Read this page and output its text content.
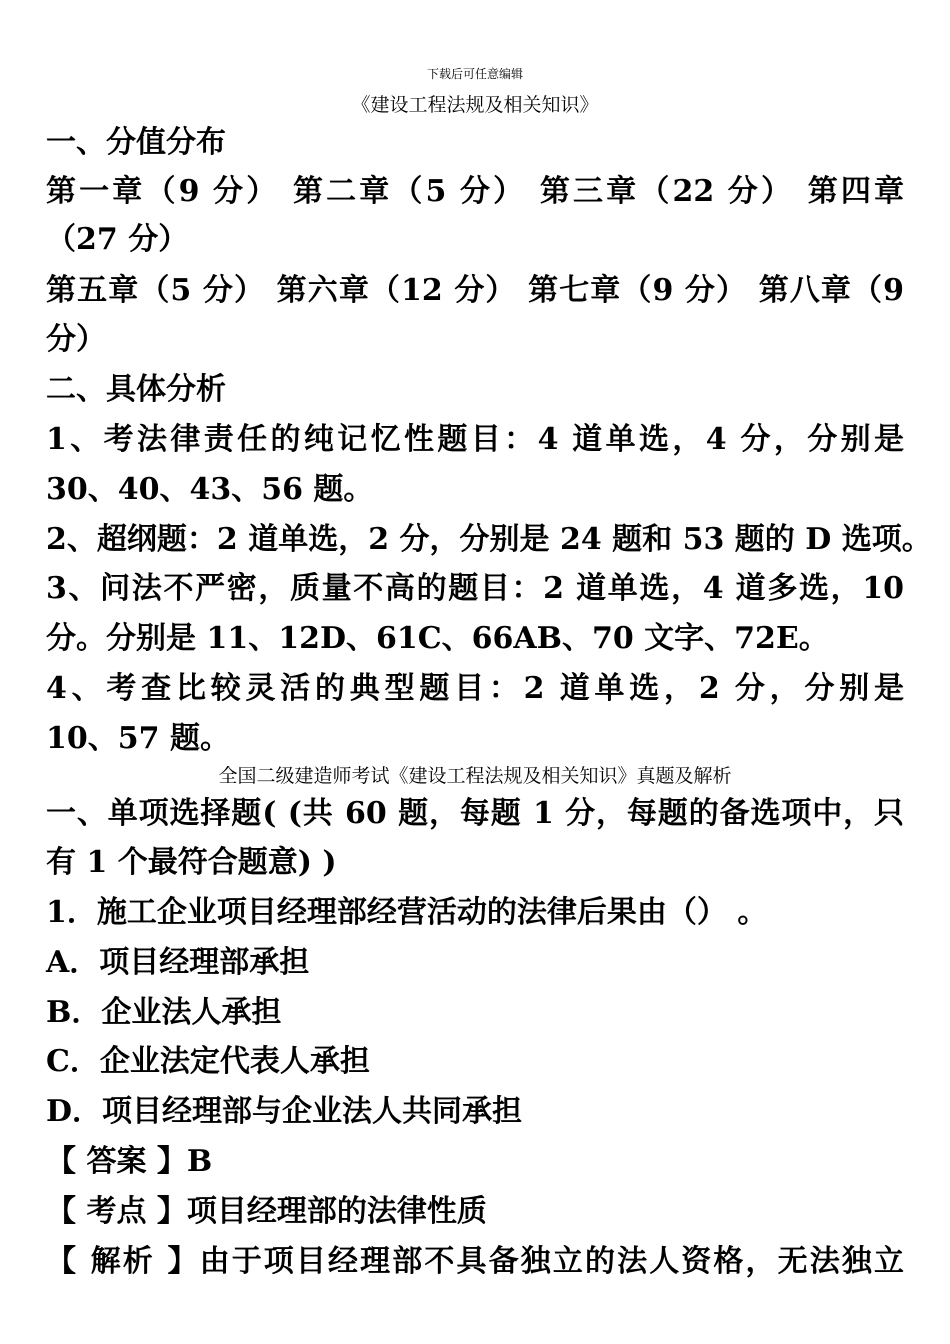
下载后可任意编辑
《建设工程法规及相关知识》
一、分值分布
第一章（9 分） 第二章（5 分） 第三章（22 分） 第四章
（27 分）
第五章（5 分） 第六章（12 分） 第七章（9 分） 第八章（9
分）
二、具体分析
1、考法律责任的纯记忆性题目：4 道单选，4 分，分别是
30、40、43、56 题。
2、超纲题：2 道单选，2 分，分别是 24 题和 53 题的 D 选项。
3、问法不严密，质量不高的题目：2 道单选，4 道多选，10
分。分别是 11、12D、61C、66AB、70 文字、72E。
4、考查比较灵活的典型题目：2 道单选，2 分，分别是
10、57 题。
全国二级建造师考试《建设工程法规及相关知识》真题及解析
一、单项选择题( (共 60 题，每题 1 分，每题的备选项中，只
有 1 个最符合题意) )
1．施工企业项目经理部经营活动的法律后果由（） 。
A．项目经理部承担
B．企业法人承担
C．企业法定代表人承担
D．项目经理部与企业法人共同承担
【 答案 】B
【 考点 】项目经理部的法律性质
【 解析 】由于项目经理部不具备独立的法人资格，无法独立
